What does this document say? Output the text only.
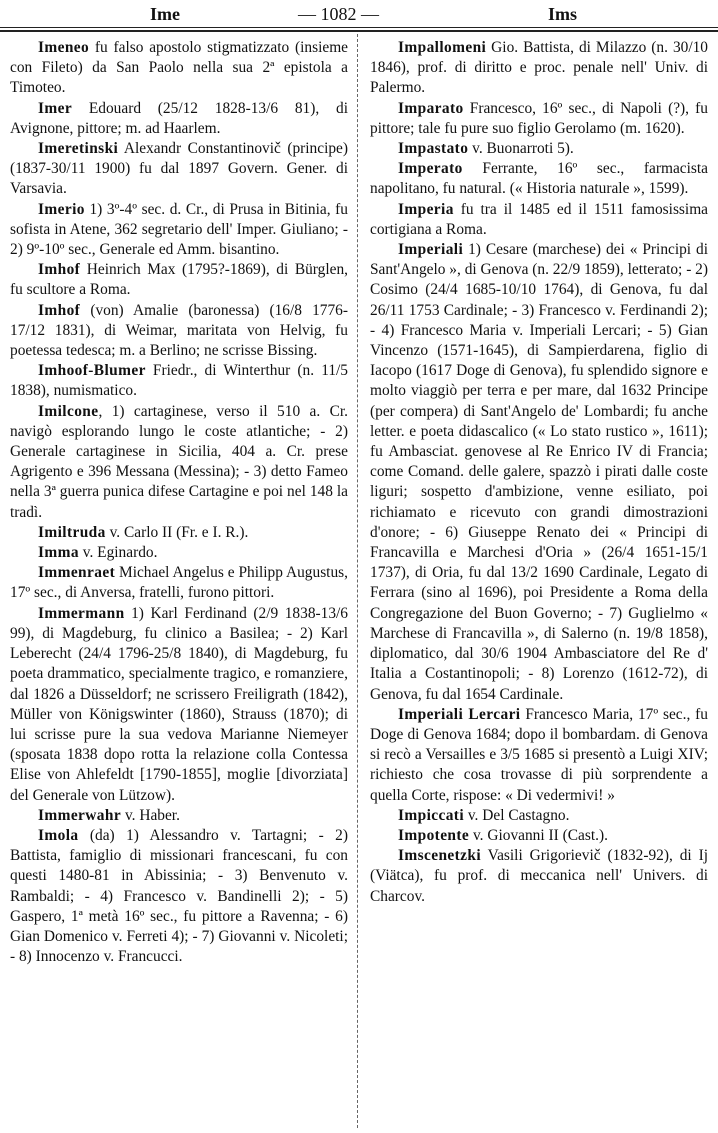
Ime	— 1082 —	Ims

Imeneo fu falso apostolo stigmatizzato (insieme con Fileto) da San Paolo nella sua 2ª epistola a Timoteo.

Imer Edouard (25/12 1828-13/6 81), di Avignone, pittore; m. ad Haarlem.

Imeretinski Alexandr Constantinovič (principe) (1837-30/11 1900) fu dal 1897 Govern. Gener. di Varsavia.

Imerio 1) 3º-4º sec. d. Cr., di Prusa in Bitinia, fu sofista in Atene, 362 segretario dell' Imper. Giuliano; - 2) 9º-10º sec., Generale ed Amm. bisantino.

Imhof Heinrich Max (1795?-1869), di Bürglen, fu scultore a Roma.

Imhof (von) Amalie (baronessa) (16/8 1776-17/12 1831), di Weimar, maritata von Helvig, fu poetessa tedesca; m. a Berlino; ne scrisse Bissing.

Imhoof-Blumer Friedr., di Winterthur (n. 11/5 1838), numismatico.

Imilcone, 1) cartaginese, verso il 510 a. Cr. navigò esplorando lungo le coste atlantiche; - 2) Generale cartaginese in Sicilia, 404 a. Cr. prese Agrigento e 396 Messana (Messina); - 3) detto Fameo nella 3ª guerra punica difese Cartagine e poi nel 148 la tradì.

Imiltruda v. Carlo II (Fr. e I. R.).

Imma v. Eginardo.

Immenraet Michael Angelus e Philipp Augustus, 17º sec., di Anversa, fratelli, furono pittori.

Immermann 1) Karl Ferdinand (2/9 1838-13/6 99), di Magdeburg, fu clinico a Basilea; - 2) Karl Leberecht (24/4 1796-25/8 1840), di Magdeburg, fu poeta drammatico, specialmente tragico, e romanziere, dal 1826 a Düsseldorf; ne scrissero Freiligrath (1842), Müller von Königswinter (1860), Strauss (1870); di lui scrisse pure la sua vedova Marianne Niemeyer (sposata 1838 dopo rotta la relazione colla Contessa Elise von Ahlefeldt [1790-1855], moglie [divorziata] del Generale von Lützow).

Immerwahr v. Haber.

Imola (da) 1) Alessandro v. Tartagni; - 2) Battista, famiglio di missionari francescani, fu con questi 1480-81 in Abissinia; - 3) Benvenuto v. Rambaldi; - 4) Francesco v. Bandinelli 2); - 5) Gaspero, 1ª metà 16º sec., fu pittore a Ravenna; - 6) Gian Domenico v. Ferreti 4); - 7) Giovanni v. Nicoleti; - 8) Innocenzo v. Francucci.

Impallomeni Gio. Battista, di Milazzo (n. 30/10 1846), prof. di diritto e proc. penale nell' Univ. di Palermo.

Imparato Francesco, 16º sec., di Napoli (?), fu pittore; tale fu pure suo figlio Gerolamo (m. 1620).

Impastato v. Buonarroti 5).

Imperato Ferrante, 16º sec., farmacista napolitano, fu natural. (« Historia naturale », 1599).

Imperia fu tra il 1485 ed il 1511 famosissima cortigiana a Roma.

Imperiali 1) Cesare (marchese) dei « Principi di Sant'Angelo », di Genova (n. 22/9 1859), letterato; - 2) Cosimo (24/4 1685-10/10 1764), di Genova, fu dal 26/11 1753 Cardinale; - 3) Francesco v. Ferdinandi 2); - 4) Francesco Maria v. Imperiali Lercari; - 5) Gian Vincenzo (1571-1645), di Sampierdarena, figlio di Iacopo (1617 Doge di Genova), fu splendido signore e molto viaggiò per terra e per mare, dal 1632 Principe (per compera) di Sant'Angelo de' Lombardi; fu anche letter. e poeta didascalico (« Lo stato rustico », 1611); fu Ambasciat. genovese al Re Enrico IV di Francia; come Comand. delle galere, spazzò i pirati dalle coste liguri; sospetto d'ambizione, venne esiliato, poi richiamato e ricevuto con grandi dimostrazioni d'onore; - 6) Giuseppe Renato dei « Principi di Francavilla e Marchesi d'Oria » (26/4 1651-15/1 1737), di Oria, fu dal 13/2 1690 Cardinale, Legato di Ferrara (sino al 1696), poi Presidente a Roma della Congregazione del Buon Governo; - 7) Guglielmo « Marchese di Francavilla », di Salerno (n. 19/8 1858), diplomatico, dal 30/6 1904 Ambasciatore del Re d' Italia a Costantinopoli; - 8) Lorenzo (1612-72), di Genova, fu dal 1654 Cardinale.

Imperiali Lercari Francesco Maria, 17º sec., fu Doge di Genova 1684; dopo il bombardam. di Genova si recò a Versailles e 3/5 1685 si presentò a Luigi XIV; richiesto che cosa trovasse di più sorprendente a quella Corte, rispose: « Di vedermivi! »

Impiccati v. Del Castagno.

Impotente v. Giovanni II (Cast.).

Imscenetzki Vasili Grigorievič (1832-92), di Ij (Viätca), fu prof. di meccanica nell' Univers. di Charcov.
